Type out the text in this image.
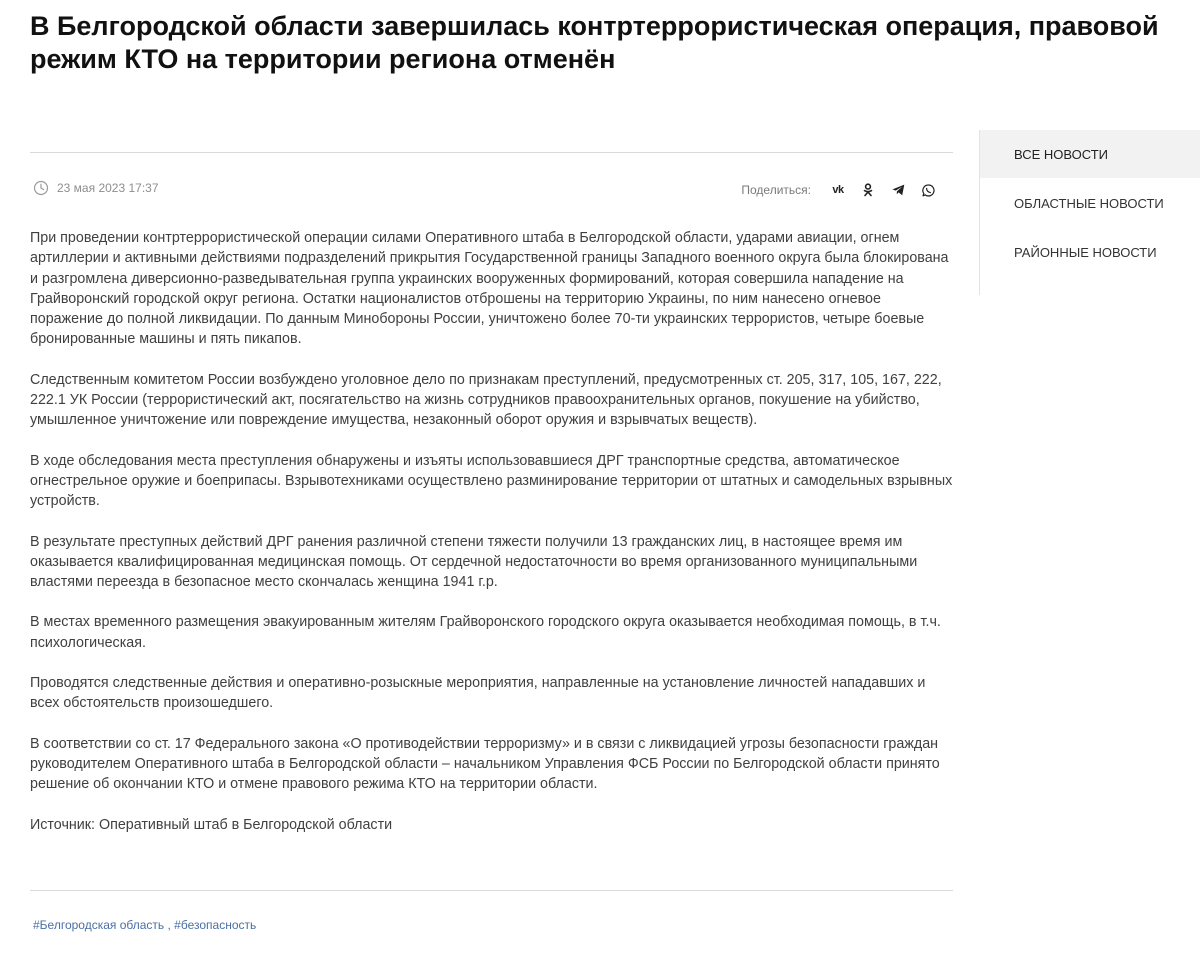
В Белгородской области завершилась контртеррористическая операция, правовой режим КТО на территории региона отменён
23 мая 2023 17:37	Поделиться: vk

При проведении контртеррористической операции силами Оперативного штаба в Белгородской области, ударами авиации, огнем артиллерии и активными действиями подразделений прикрытия Государственной границы Западного военного округа была блокирована и разгромлена диверсионно-разведывательная группа украинских вооруженных формирований, которая совершила нападение на Грайворонский городской округ региона. Остатки националистов отброшены на территорию Украины, по ним нанесено огневое поражение до полной ликвидации. По данным Минобороны России, уничтожено более 70-ти украинских террористов, четыре боевые бронированные машины и пять пикапов.

Следственным комитетом России возбуждено уголовное дело по признакам преступлений, предусмотренных ст. 205, 317, 105, 167, 222, 222.1 УК России (террористический акт, посягательство на жизнь сотрудников правоохранительных органов, покушение на убийство, умышленное уничтожение или повреждение имущества, незаконный оборот оружия и взрывчатых веществ).

В ходе обследования места преступления обнаружены и изъяты использовавшиеся ДРГ транспортные средства, автоматическое огнестрельное оружие и боеприпасы. Взрывотехниками осуществлено разминирование территории от штатных и самодельных взрывных устройств.

В результате преступных действий ДРГ ранения различной степени тяжести получили 13 гражданских лиц, в настоящее время им оказывается квалифицированная медицинская помощь. От сердечной недостаточности во время организованного муниципальными властями переезда в безопасное место скончалась женщина 1941 г.р.

В местах временного размещения эвакуированным жителям Грайворонского городского округа оказывается необходимая помощь, в т.ч. психологическая.

Проводятся следственные действия и оперативно-розыскные мероприятия, направленные на установление личностей нападавших и всех обстоятельств произошедшего.

В соответствии со ст. 17 Федерального закона «О противодействии терроризму» и в связи с ликвидацией угрозы безопасности граждан руководителем Оперативного штаба в Белгородской области – начальником Управления ФСБ России по Белгородской области принято решение об окончании КТО и отмене правового режима КТО на территории области.

Источник: Оперативный штаб в Белгородской области

#Белгородская область , #безопасность
ВСЕ НОВОСТИ
ОБЛАСТНЫЕ НОВОСТИ
РАЙОННЫЕ НОВОСТИ
